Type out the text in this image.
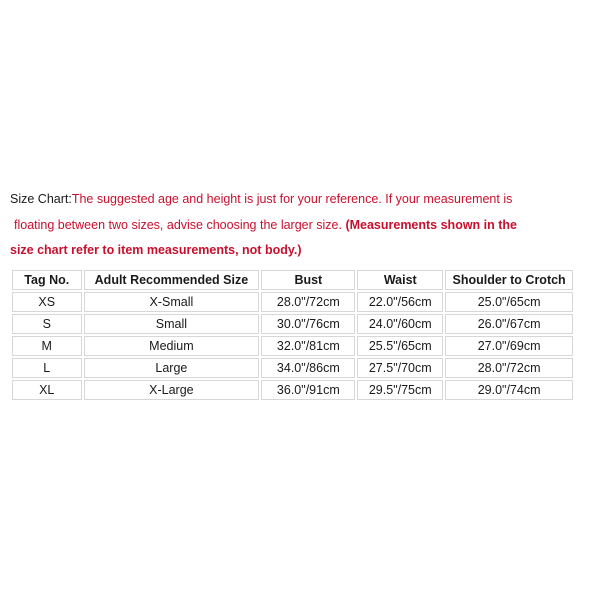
Size Chart:The suggested age and height is just for your reference. If your measurement is
floating between two sizes, advise choosing the larger size. (Measurements shown in the
size chart refer to item measurements, not body.)
Tag No.	Adult Recommended Size	Bust	Waist	Shoulder to Crotch
XS	X-Small	28.0"/72cm	22.0"/56cm	25.0"/65cm
S	Small	30.0"/76cm	24.0"/60cm	26.0"/67cm
M	Medium	32.0"/81cm	25.5"/65cm	27.0"/69cm
L	Large	34.0"/86cm	27.5"/70cm	28.0"/72cm
XL	X-Large	36.0"/91cm	29.5"/75cm	29.0"/74cm
